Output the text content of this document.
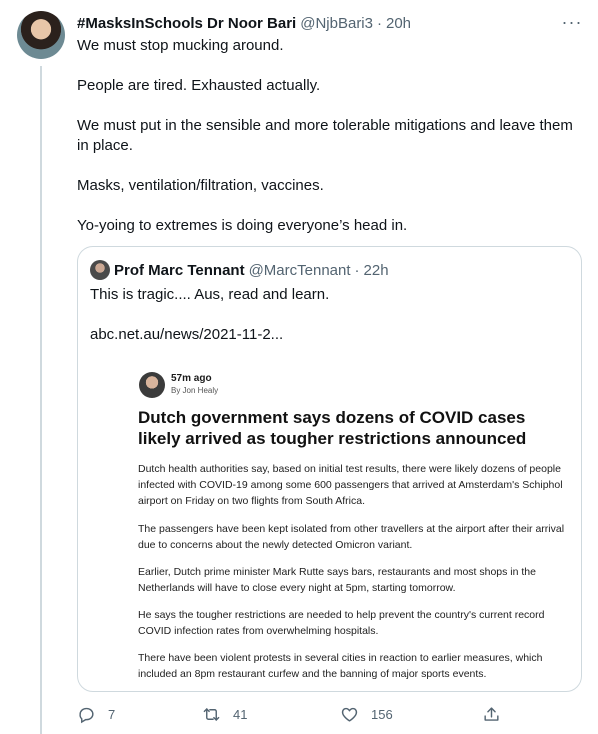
#MasksInSchools Dr Noor Bari @NjbBari3 · 20h	···

We must stop mucking around.

People are tired. Exhausted actually.

We must put in the sensible and more tolerable mitigations and leave them in place.

Masks, ventilation/filtration, vaccines.

Yo-yoing to extremes is doing everyone’s head in.

Prof Marc Tennant @MarcTennant · 22h
This is tragic.... Aus, read and learn.
abc.net.au/news/2021-11-2...
57m ago
By Jon Healy
Dutch government says dozens of COVID cases likely arrived as tougher restrictions announced
Dutch health authorities say, based on initial test results, there were likely dozens of people infected with COVID-19 among some 600 passengers that arrived at Amsterdam's Schiphol airport on Friday on two flights from South Africa.
The passengers have been kept isolated from other travellers at the airport after their arrival due to concerns about the newly detected Omicron variant.
Earlier, Dutch prime minister Mark Rutte says bars, restaurants and most shops in the Netherlands will have to close every night at 5pm, starting tomorrow.
He says the tougher restrictions are needed to help prevent the country's current record COVID infection rates from overwhelming hospitals.
There have been violent protests in several cities in reaction to earlier measures, which included an 8pm restaurant curfew and the banning of major sports events.
7	41	156
